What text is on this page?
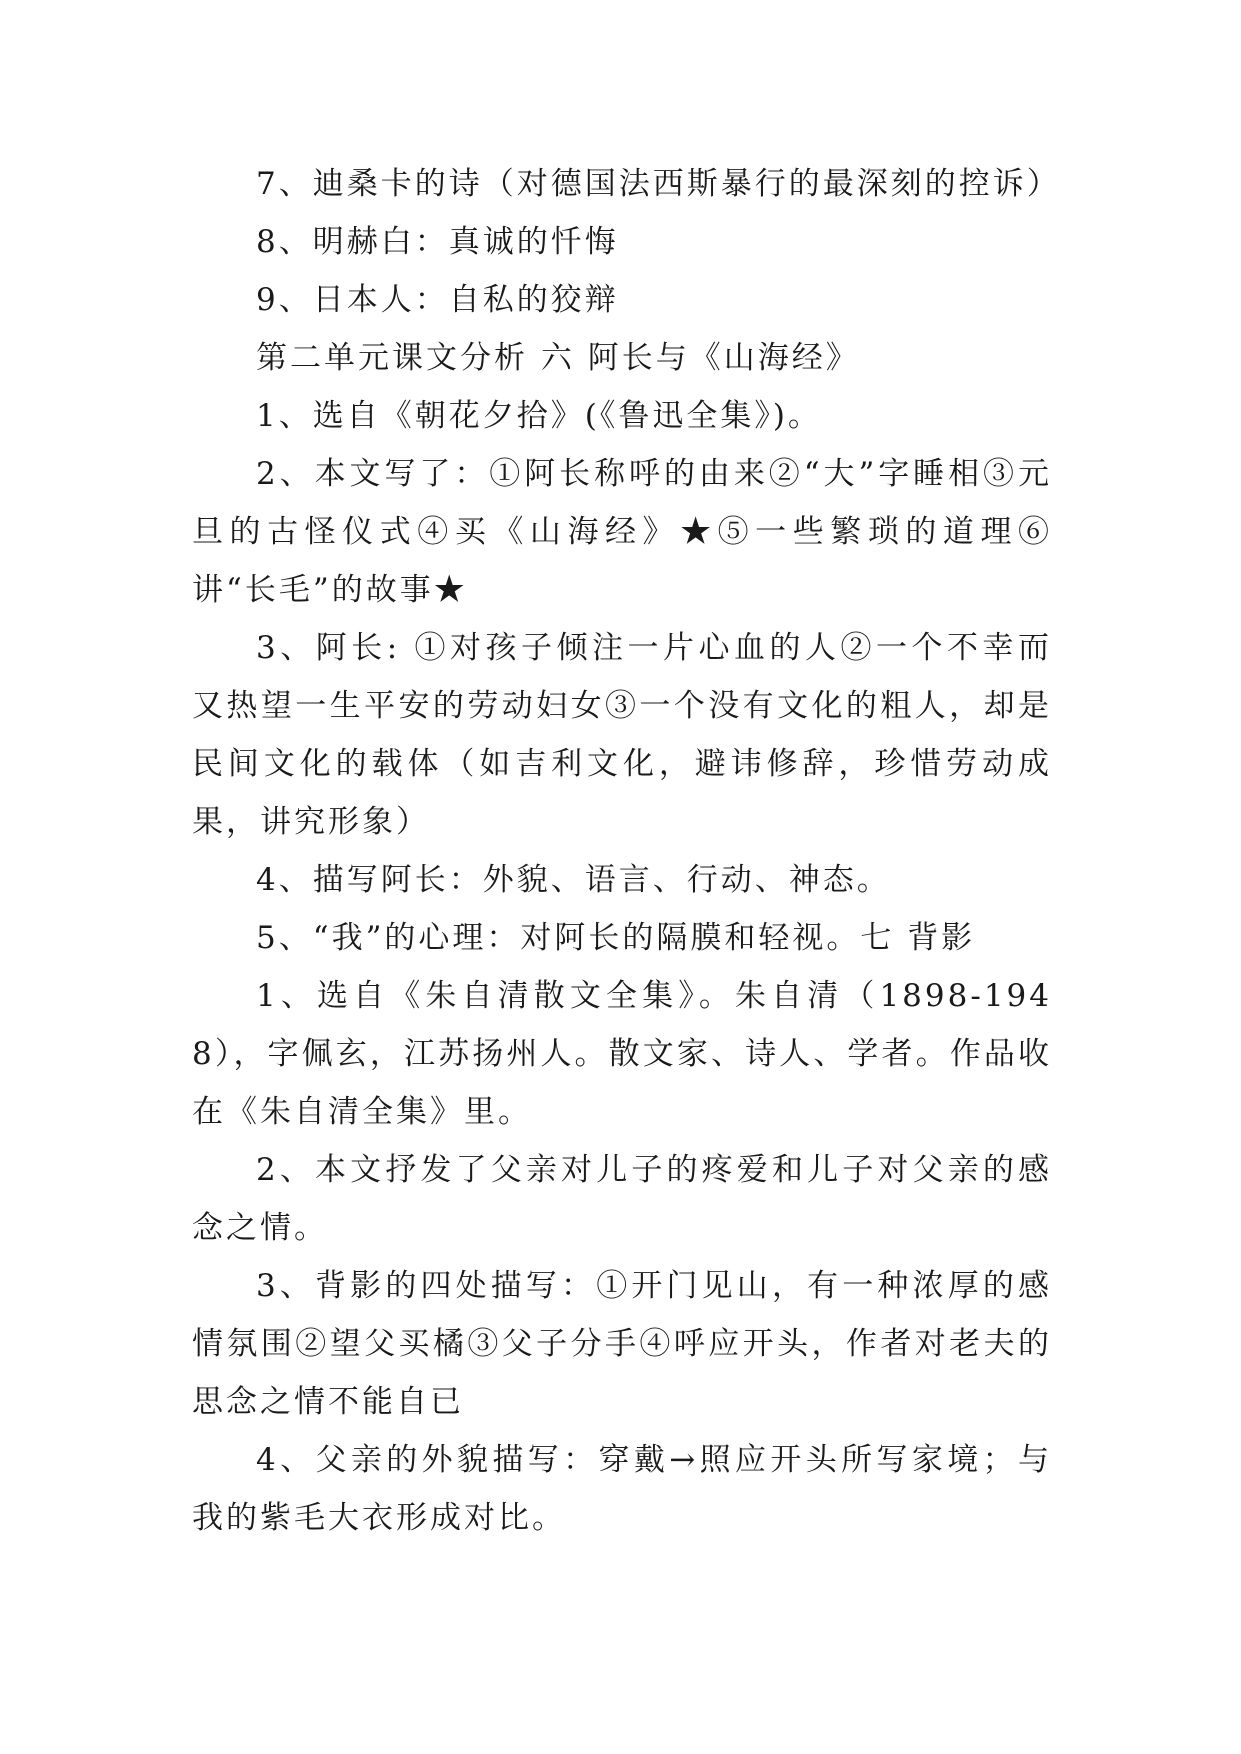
7、迪桑卡的诗（对德国法西斯暴行的最深刻的控诉）

8、明赫白：真诚的忏悔

9、日本人：自私的狡辩

第二单元课文分析 六 阿长与《山海经》

1、选自《朝花夕拾》(《鲁迅全集》)。

2、本文写了：①阿长称呼的由来②“大”字睡相③元旦的古怪仪式④买《山海经》★⑤一些繁琐的道理⑥讲“长毛”的故事★

3、阿长: ①对孩子倾注一片心血的人②一个不幸而又热望一生平安的劳动妇女③一个没有文化的粗人，却是民间文化的载体（如吉利文化，避讳修辞，珍惜劳动成果，讲究形象）

4、描写阿长：外貌、语言、行动、神态。

5、“我”的心理：对阿长的隔膜和轻视。七 背影

1、选自《朱自清散文全集》。朱自清（1898-1948），字佩玄，江苏扬州人。散文家、诗人、学者。作品收在《朱自清全集》里。

2、本文抒发了父亲对儿子的疼爱和儿子对父亲的感念之情。

3、背影的四处描写：①开门见山，有一种浓厚的感情氛围②望父买橘③父子分手④呼应开头，作者对老夫的思念之情不能自已

4、父亲的外貌描写：穿戴→照应开头所写家境；与我的紫毛大衣形成对比。
